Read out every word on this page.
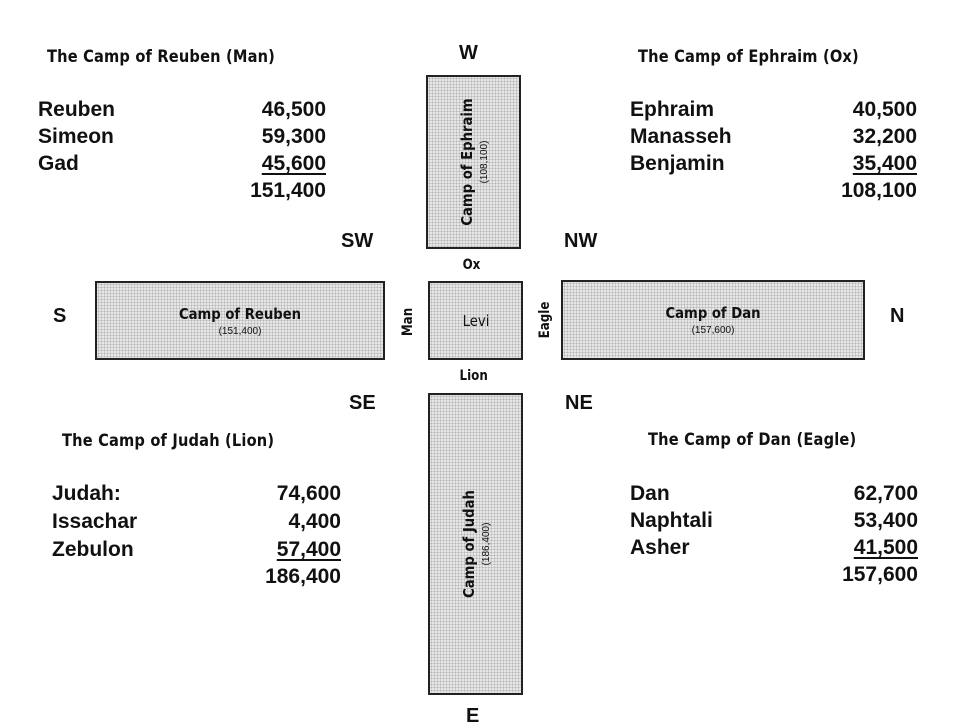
The Camp of Reuben (Man)
Reuben	46,500
Simeon	59,300
Gad	45,600
151,400
The Camp of Ephraim (Ox)
Ephraim	40,500
Manasseh	32,200
Benjamin	35,400
108,100
The Camp of Judah (Lion)
Judah:	74,600
Issachar	4,400
Zebulon	57,400
186,400
The Camp of Dan (Eagle)
Dan	62,700
Naphtali	53,400
Asher	41,500
157,600
W
SW	NW
S	N
SE	NE
E
Camp of Ephraim (108,100)
Camp of Reuben
(151,400)
Levi
Ox
Lion
Man	Eagle	Camp of Dan
(157,600)
Camp of Judah (186,400)
